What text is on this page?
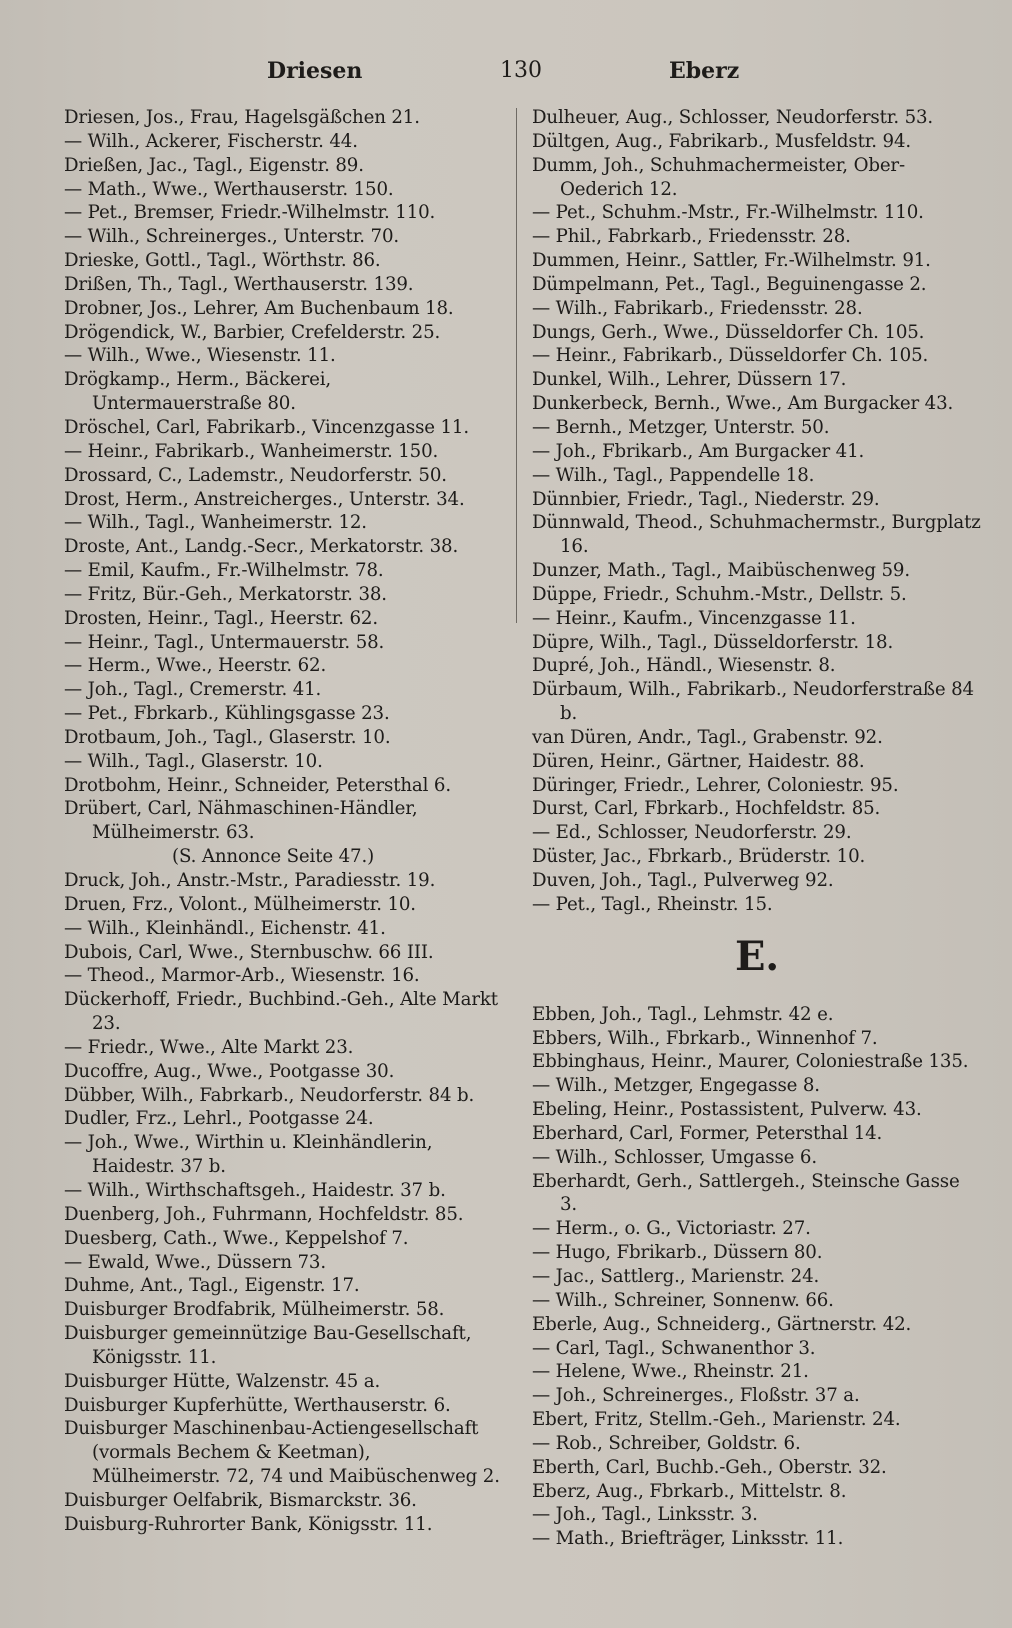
Driesen	130	Eberz
Driesen, Jos., Frau, Hagelsgäßchen 21.
— Wilh., Ackerer, Fischerstr. 44.
Drießen, Jac., Tagl., Eigenstr. 89.
— Math., Wwe., Werthauserstr. 150.
— Pet., Bremser, Friedr.-Wilhelmstr. 110.
— Wilh., Schreinerges., Unterstr. 70.
Drieske, Gottl., Tagl., Wörthstr. 86.
Drißen, Th., Tagl., Werthauserstr. 139.
Drobner, Jos., Lehrer, Am Buchenbaum 18.
Drögendick, W., Barbier, Crefelderstr. 25.
— Wilh., Wwe., Wiesenstr. 11.
Drögkamp., Herm., Bäckerei, Untermauerstraße 80.
Dröschel, Carl, Fabrikarb., Vincenzgasse 11.
— Heinr., Fabrikarb., Wanheimerstr. 150.
Drossard, C., Lademstr., Neudorferstr. 50.
Drost, Herm., Anstreicherges., Unterstr. 34.
— Wilh., Tagl., Wanheimerstr. 12.
Droste, Ant., Landg.-Secr., Merkatorstr. 38.
— Emil, Kaufm., Fr.-Wilhelmstr. 78.
— Fritz, Bür.-Geh., Merkatorstr. 38.
Drosten, Heinr., Tagl., Heerstr. 62.
— Heinr., Tagl., Untermauerstr. 58.
— Herm., Wwe., Heerstr. 62.
— Joh., Tagl., Cremerstr. 41.
— Pet., Fbrkarb., Kühlingsgasse 23.
Drotbaum, Joh., Tagl., Glaserstr. 10.
— Wilh., Tagl., Glaserstr. 10.
Drotbohm, Heinr., Schneider, Petersthal 6.
Drübert, Carl, Nähmaschinen-Händler, Mülheimerstr. 63.
(S. Annonce Seite 47.)
Druck, Joh., Anstr.-Mstr., Paradiesstr. 19.
Druen, Frz., Volont., Mülheimerstr. 10.
— Wilh., Kleinhändl., Eichenstr. 41.
Dubois, Carl, Wwe., Sternbuschw. 66 III.
— Theod., Marmor-Arb., Wiesenstr. 16.
Dückerhoff, Friedr., Buchbind.-Geh., Alte Markt 23.
— Friedr., Wwe., Alte Markt 23.
Ducoffre, Aug., Wwe., Pootgasse 30.
Dübber, Wilh., Fabrkarb., Neudorferstr. 84 b.
Dudler, Frz., Lehrl., Pootgasse 24.
— Joh., Wwe., Wirthin u. Kleinhändlerin, Haidestr. 37 b.
— Wilh., Wirthschaftsgeh., Haidestr. 37 b.
Duenberg, Joh., Fuhrmann, Hochfeldstr. 85.
Duesberg, Cath., Wwe., Keppelshof 7.
— Ewald, Wwe., Düssern 73.
Duhme, Ant., Tagl., Eigenstr. 17.
Duisburger Brodfabrik, Mülheimerstr. 58.
Duisburger gemeinnützige Bau-Gesellschaft, Königsstr. 11.
Duisburger Hütte, Walzenstr. 45 a.
Duisburger Kupferhütte, Werthauserstr. 6.
Duisburger Maschinenbau-Actiengesellschaft (vormals Bechem & Keetman), Mülheimerstr. 72, 74 und Maibüschenweg 2.
Duisburger Oelfabrik, Bismarckstr. 36.
Duisburg-Ruhrorter Bank, Königsstr. 11.
Dulheuer, Aug., Schlosser, Neudorferstr. 53.
Dültgen, Aug., Fabrikarb., Musfeldstr. 94.
Dumm, Joh., Schuhmachermeister, Ober-Oederich 12.
— Pet., Schuhm.-Mstr., Fr.-Wilhelmstr. 110.
— Phil., Fabrkarb., Friedensstr. 28.
Dummen, Heinr., Sattler, Fr.-Wilhelmstr. 91.
Dümpelmann, Pet., Tagl., Beguinengasse 2.
— Wilh., Fabrikarb., Friedensstr. 28.
Dungs, Gerh., Wwe., Düsseldorfer Ch. 105.
— Heinr., Fabrikarb., Düsseldorfer Ch. 105.
Dunkel, Wilh., Lehrer, Düssern 17.
Dunkerbeck, Bernh., Wwe., Am Burgacker 43.
— Bernh., Metzger, Unterstr. 50.
— Joh., Fbrikarb., Am Burgacker 41.
— Wilh., Tagl., Pappendelle 18.
Dünnbier, Friedr., Tagl., Niederstr. 29.
Dünnwald, Theod., Schuhmachermstr., Burgplatz 16.
Dunzer, Math., Tagl., Maibüschenweg 59.
Düppe, Friedr., Schuhm.-Mstr., Dellstr. 5.
— Heinr., Kaufm., Vincenzgasse 11.
Düpre, Wilh., Tagl., Düsseldorferstr. 18.
Dupré, Joh., Händl., Wiesenstr. 8.
Dürbaum, Wilh., Fabrikarb., Neudorferstraße 84 b.
van Düren, Andr., Tagl., Grabenstr. 92.
Düren, Heinr., Gärtner, Haidestr. 88.
Düringer, Friedr., Lehrer, Coloniestr. 95.
Durst, Carl, Fbrkarb., Hochfeldstr. 85.
— Ed., Schlosser, Neudorferstr. 29.
Düster, Jac., Fbrkarb., Brüderstr. 10.
Duven, Joh., Tagl., Pulverweg 92.
— Pet., Tagl., Rheinstr. 15.
E.
Ebben, Joh., Tagl., Lehmstr. 42 e.
Ebbers, Wilh., Fbrkarb., Winnenhof 7.
Ebbinghaus, Heinr., Maurer, Coloniestraße 135.
— Wilh., Metzger, Engegasse 8.
Ebeling, Heinr., Postassistent, Pulverw. 43.
Eberhard, Carl, Former, Petersthal 14.
— Wilh., Schlosser, Umgasse 6.
Eberhardt, Gerh., Sattlergeh., Steinsche Gasse 3.
— Herm., o. G., Victoriastr. 27.
— Hugo, Fbrikarb., Düssern 80.
— Jac., Sattlerg., Marienstr. 24.
— Wilh., Schreiner, Sonnenw. 66.
Eberle, Aug., Schneiderg., Gärtnerstr. 42.
— Carl, Tagl., Schwanenthor 3.
— Helene, Wwe., Rheinstr. 21.
— Joh., Schreinerges., Floßstr. 37 a.
Ebert, Fritz, Stellm.-Geh., Marienstr. 24.
— Rob., Schreiber, Goldstr. 6.
Eberth, Carl, Buchb.-Geh., Oberstr. 32.
Eberz, Aug., Fbrkarb., Mittelstr. 8.
— Joh., Tagl., Linksstr. 3.
— Math., Briefträger, Linksstr. 11.
